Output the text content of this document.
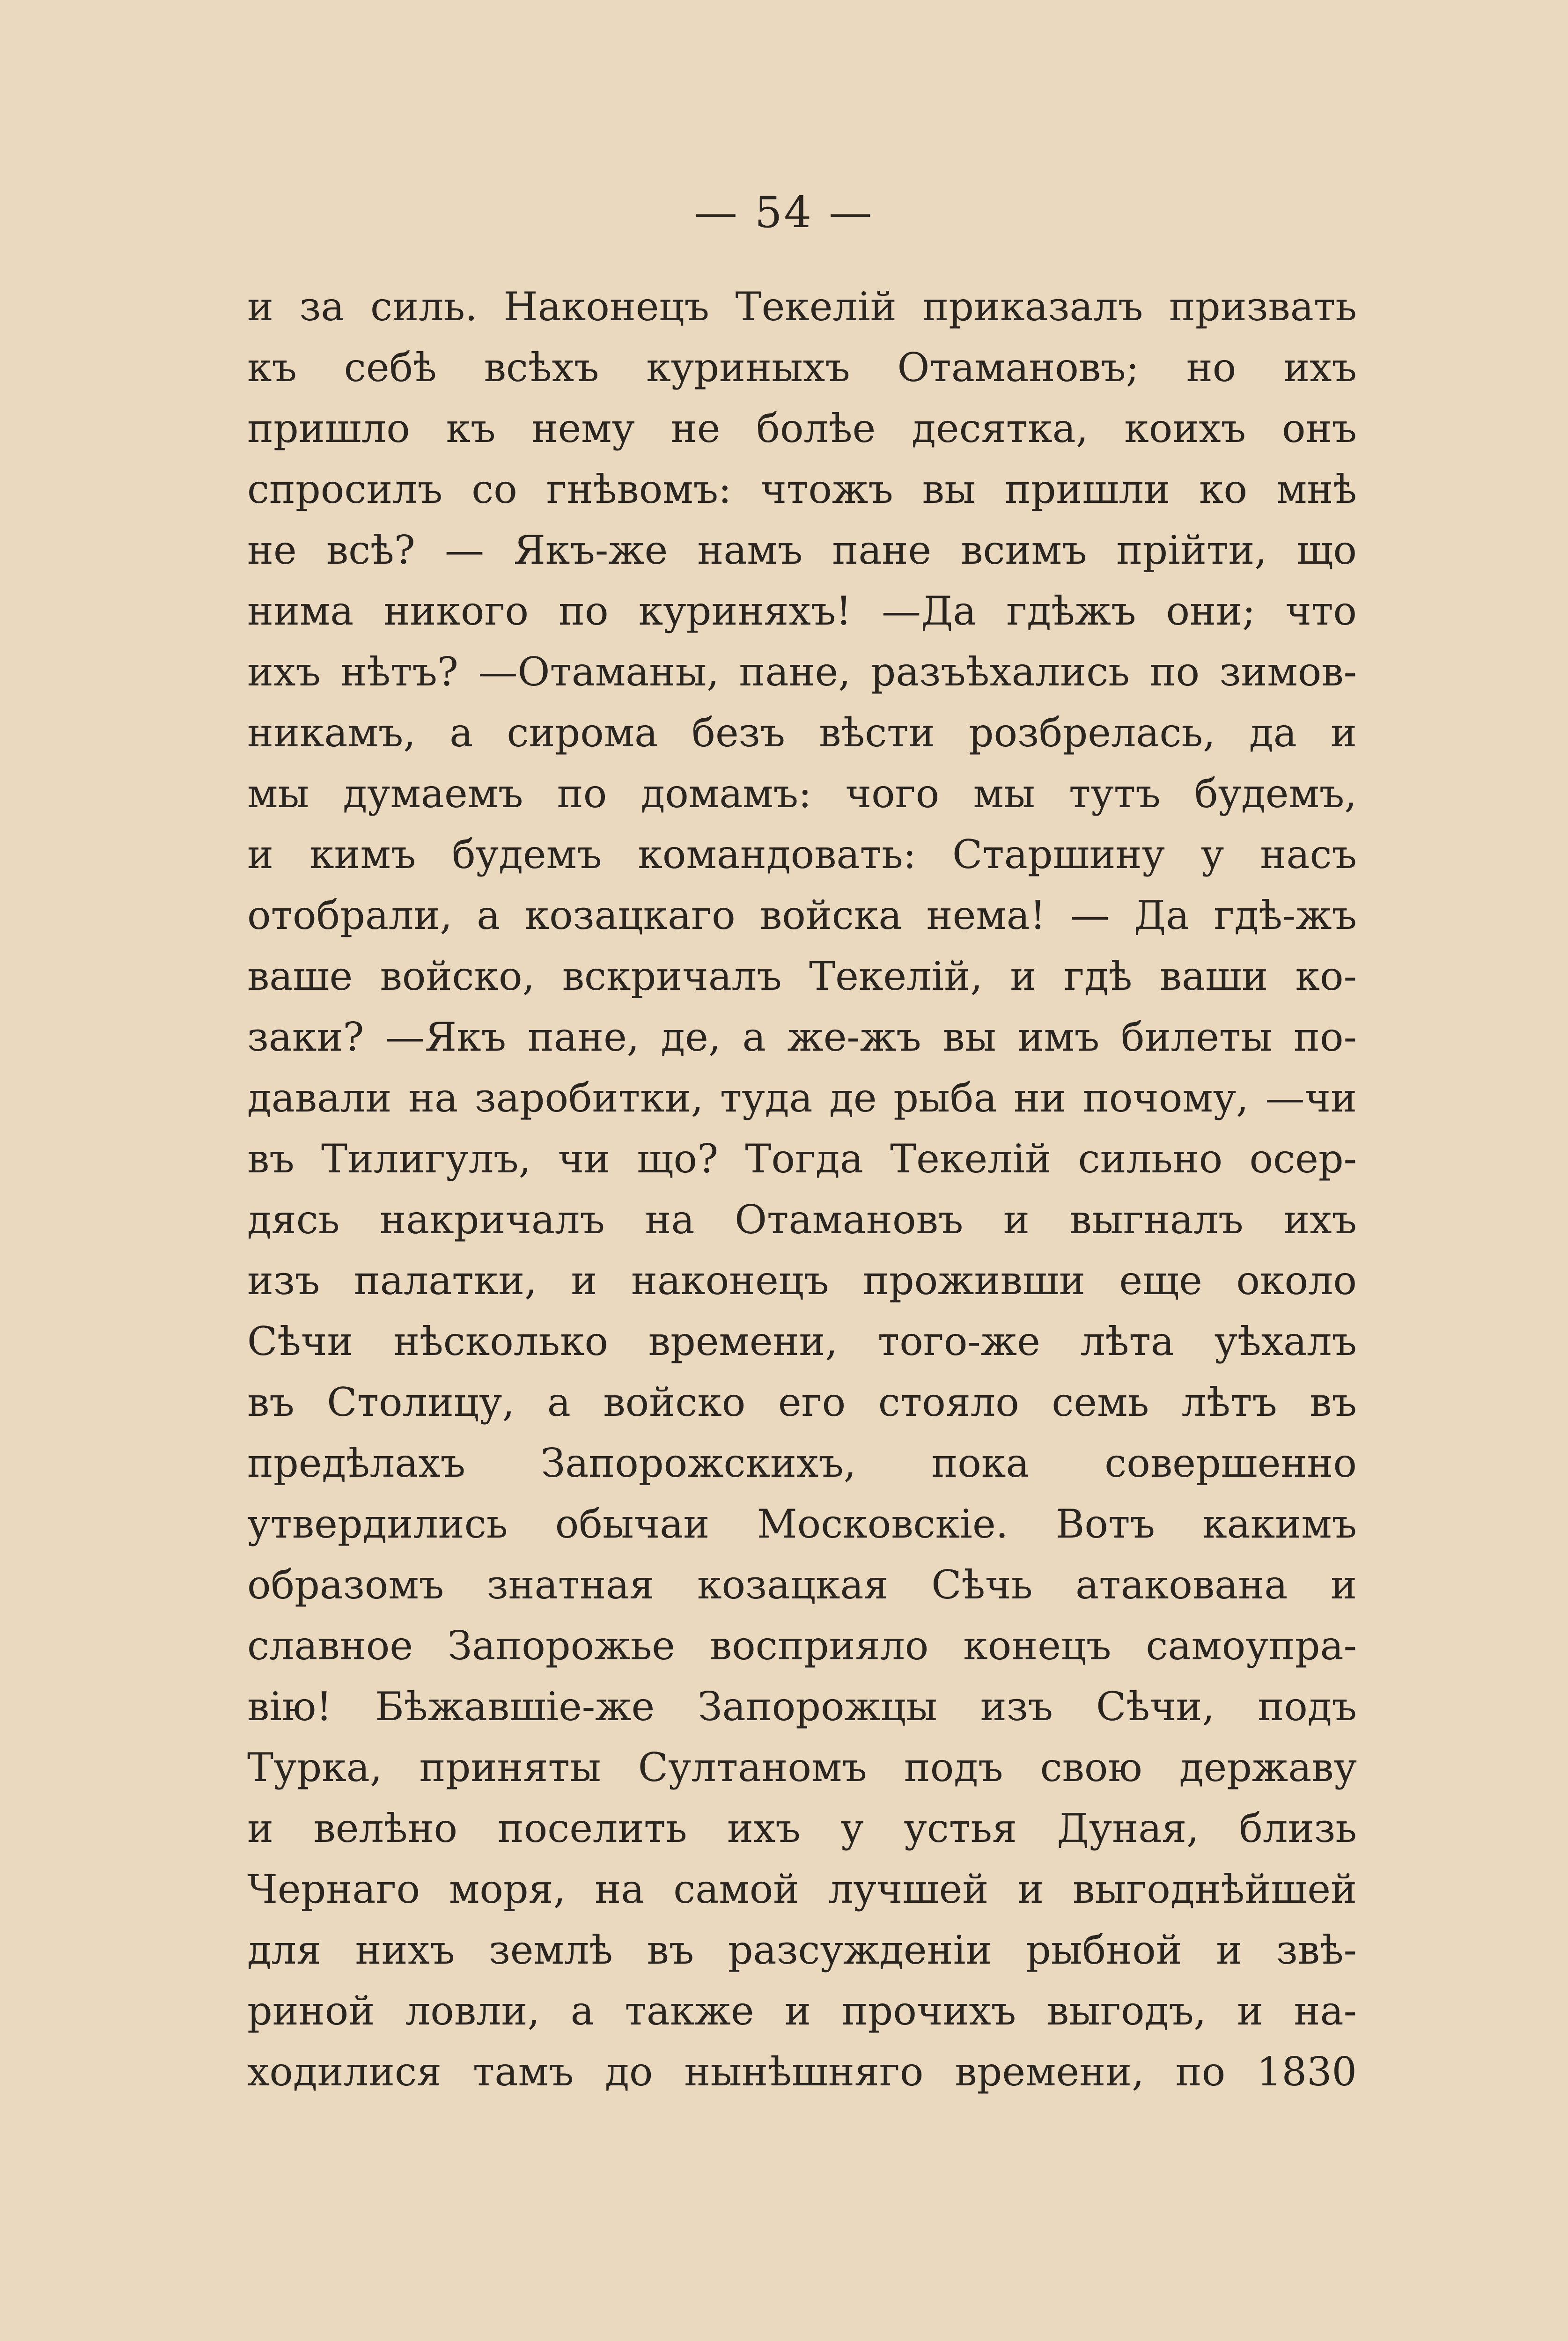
— 54 —
и за силь. Наконецъ Текелій приказалъ призвать
къ себѣ всѣхъ куриныхъ Отамановъ; но ихъ
пришло къ нему не болѣе десятка, коихъ онъ
спросилъ со гнѣвомъ: чтожъ вы пришли ко мнѣ
не всѣ? — Якъ-же намъ пане всимъ прійти, що
нима никого по куриняхъ! —Да гдѣжъ они; что
ихъ нѣтъ? —Отаманы, пане, разъѣхались по зимов-
никамъ, а сирома безъ вѣсти розбрелась, да и
мы думаемъ по домамъ: чого мы тутъ будемъ,
и кимъ будемъ командовать: Старшину у насъ
отобрали, а козацкаго войска нема! — Да гдѣ-жъ
ваше войско, вскричалъ Текелій, и гдѣ ваши ко-
заки? —Якъ пане, де, а же-жъ вы имъ билеты по-
давали на заробитки, туда де рыба ни почому, —чи
въ Тилигулъ, чи що? Тогда Текелій сильно осер-
дясь накричалъ на Отамановъ и выгналъ ихъ
изъ палатки, и наконецъ проживши еще около
Сѣчи нѣсколько времени, того-же лѣта уѣхалъ
въ Столицу, а войско его стояло семь лѣтъ въ
предѣлахъ Запорожскихъ, пока совершенно
утвердились обычаи Московскіе. Вотъ какимъ
образомъ знатная козацкая Сѣчь атакована и
славное Запорожье восприяло конецъ самоупра-
вію! Бѣжавшіе-же Запорожцы изъ Сѣчи, подъ
Турка, приняты Султаномъ подъ свою державу
и велѣно поселить ихъ у устья Дуная, близь
Чернаго моря, на самой лучшей и выгоднѣйшей
для нихъ землѣ въ разсужденіи рыбной и звѣ-
риной ловли, а также и прочихъ выгодъ, и на-
ходилися тамъ до нынѣшняго времени, по 1830
